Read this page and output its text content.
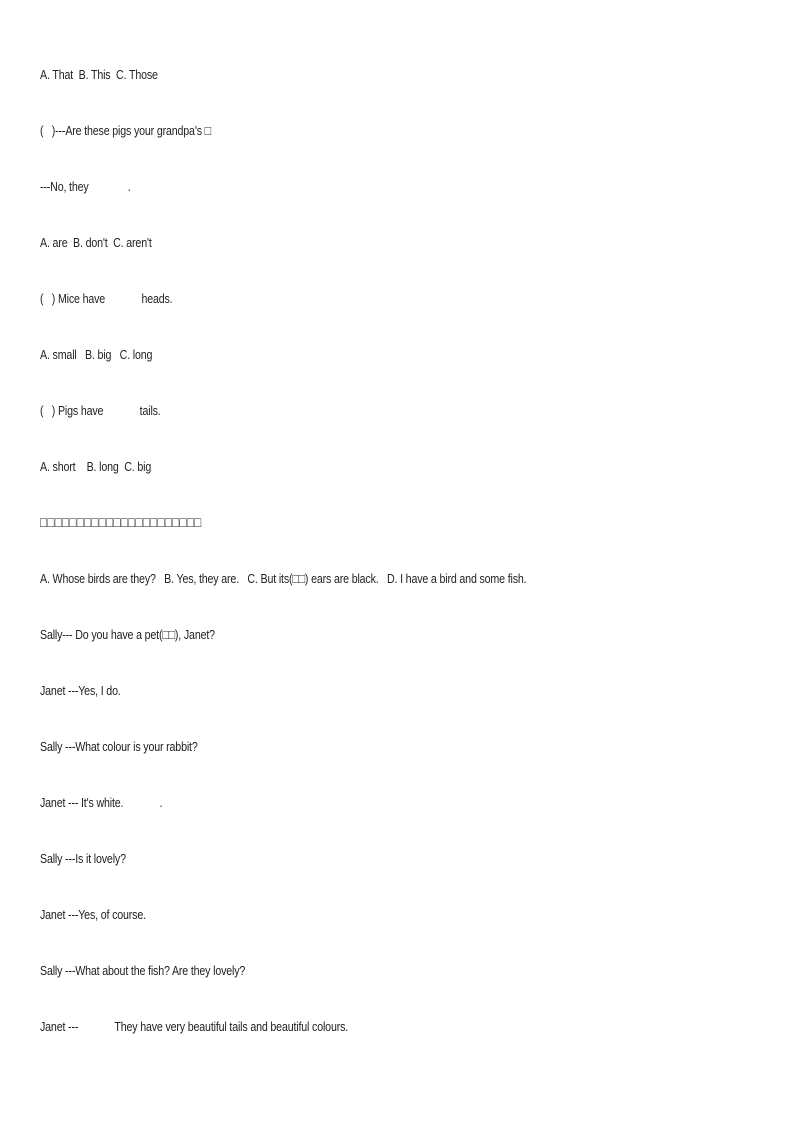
A. That  B. This  C. Those
(   )---Are these pigs your grandpa's □
---No, they              .
A. are  B. don't  C. aren't
(   ) Mice have             heads.
A. small   B. big   C. long
(   ) Pigs have             tails.
A. short    B. long  C. big
□□□□□□□□□□□□□□□□□□□□□□
A. Whose birds are they?   B. Yes, they are.   C. But its(□□) ears are black.   D. I have a bird and some fish.
Sally--- Do you have a pet(□□), Janet?
Janet ---Yes, I do.
Sally ---What colour is your rabbit?
Janet --- It's white.             .
Sally ---Is it lovely?
Janet ---Yes, of course.
Sally ---What about the fish? Are they lovely?
Janet ---             They have very beautiful tails and beautiful colours.
